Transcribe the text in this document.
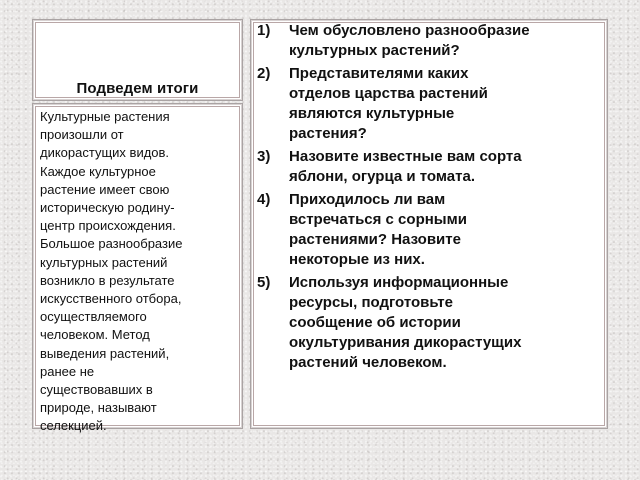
Подведем итоги

Культурные растения
произошли от
дикорастущих видов.
Каждое культурное
растение имеет свою
историческую родину-
центр происхождения.
Большое разнообразие
культурных растений
возникло в результате
искусственного отбора,
осуществляемого
человеком. Метод
выведения растений,
ранее не
существовавших в
природе, называют
селекцией.

1) Чем обусловлено разнообразие
культурных растений?
2) Представителями каких
отделов царства растений
являются культурные
растения?
3) Назовите известные вам сорта
яблони, огурца и томата.
4) Приходилось ли вам
встречаться с сорными
растениями? Назовите
некоторые из них.
5) Используя информационные
ресурсы, подготовьте
сообщение об истории
окультуривания дикорастущих
растений человеком.
